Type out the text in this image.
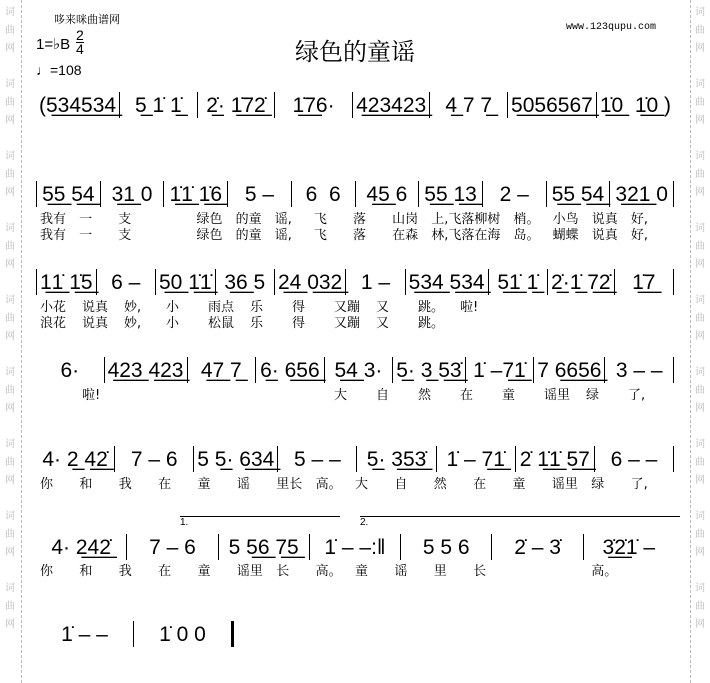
词
曲
网

词
曲
网

词
曲
网

词
曲
网

词
曲
网

词
曲
网

词
曲
网

词
曲
网

词
曲
网
词
曲
网

词
曲
网

词
曲
网

词
曲
网

词
曲
网

词
曲
网

词
曲
网

词
曲
网

词
曲
网
哆来咪曲谱网
www.123qupu.com
绿色的童谣
1=♭B
2
4
♩=108
1.	2.
(5̲3̲4̲5̲3̲4̲ 5̲ 1̇ 1̲̇	2̲̇· 1̲̇7̲2̲̇	1̲̇7̲6·	4̲2̲3̲4̲2̲3̲ 4̲ 7 7̲ 5̲0̲5̲6̲5̲6̲7̲ 1̲̇0̲  1̲̇0̲ )
5̲5̲ 5̲4̲ 3̲1̲ 0 1̲̇1̲̇ 1̲̇6̲	5 –	6  6	4̲5̲ 6 5̲5̲ 1̲3̲	2 –	5̲5̲ 5̲4̲ 3̲2̲1̲ 0
1̲1̲̇ 1̲̇5̲ 6 – 5̲0̲ 1̲̇1̲̇ 3̲6̲ 5 2̲4̲ 0̲3̲2̲ 1 – 5̲3̲4̲ 5̲3̲4̲ 5̲1̲̇ 1̲̇ 2̲̇·1̲̇ 7̲2̲̇	1̲̇7̲
6·	4̲2̲3̲ 4̲2̲3̲ 4̲7̲ 7̲ 6̲· 6̲5̲6̲ 5̲4̲ 3· 5̲· 3̲ 5̲3̲̇ 1̇ –7̲1̲̇ 7 6̲6̲5̲6̲ 3 – –
4· 2̲ 4̲2̲̇	7 – 6 5 5̲· 6̲3̲4̲ 5 – –	5̲· 3̲5̲3̲̇ 1̇ – 7̲1̲̇ 2̇ 1̲̇1̲̇ 5̲7̲ 6 – –
4· 2̲4̲2̲̇	7 – 6	5 5̲6̲ 7̲5̲	1̇ – –:‖	5 5 6	2̇ – 3̇	3̲̇2̲̇1̇ –
1̇ – –	1̇ 0 0
我有	一	支	绿色	的童	谣,	飞	落	山岗	上,飞落 柳树	梢。	小鸟	说真	好,
我有	一	支	绿色	的童	谣,	飞	落	在森	林,飞落 在海	岛。	蝴蝶	说真	好,
小花	说真	妙,	小	雨点	乐	得	又蹦	又	跳。	啦!
浪花	说真	妙,	小	松鼠	乐	得	又蹦	又	跳。
啦!	大	自	然	在	童	谣里	绿	了,
你	和	我	在	童	谣	里长	高。	大	自	然	在	童	谣里	绿	了,
你	和	我	在	童	谣里	长	高。	童	谣	里	长	高。
